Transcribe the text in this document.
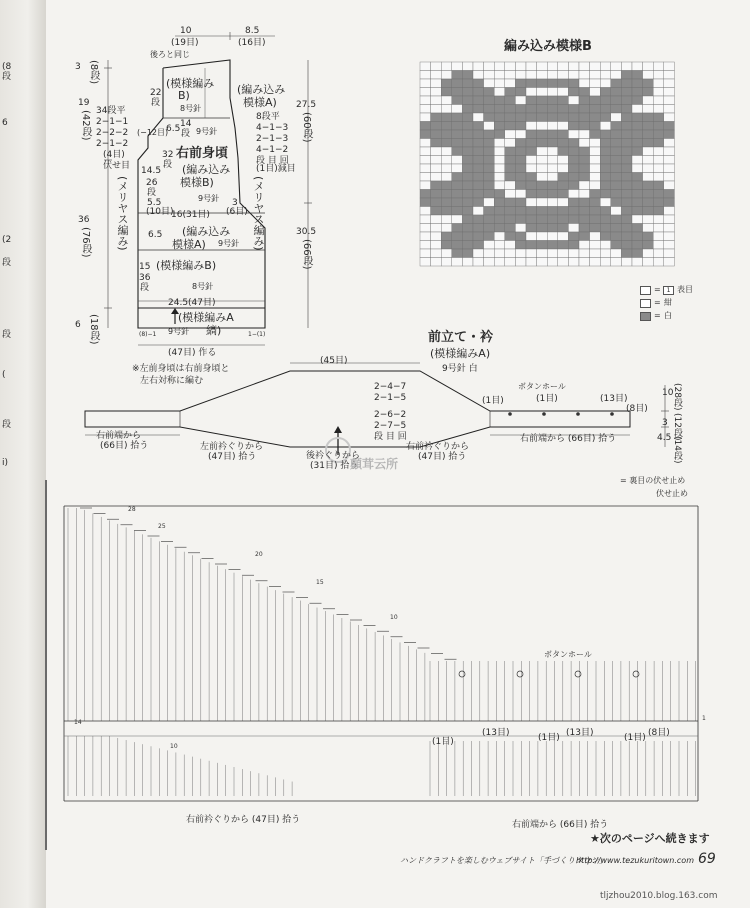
(8
段
6
(2
段
段
(
段
i)
10
(19目)
8.5
(16目)
後ろと同じ
3 (8段)
19
(42段)
36
(76段)
6 (18段)
34段平
2−1−1
2−2−2
2−1−2
(4目)
伏せ目
(−12目)
(模様編み
B)	(編み込み
模様A)
22
段
8号針
14
段
6.5 9号針
右前身頃
(編み込み
模様B)
32
段
14.5
26
段
5.5
(10目)
3
(6目)
9号針
16(31目)
8段平
4−1−3
2−1−3
4−1−2
段 目 回
(1目)減目
27.5
(60段)
30.5
(66段)
(メリヤス編み)	(メリヤス編み)
(編み込み
模様A)
6.5
9号針
(模様編みB)
15
36
段	8号針
24.5(47目)
(模様編みA
9号針 縞)
(8)−1	1−(1)
(47目) 作る
※左前身頃は右前身頃と
左右対称に編む
編み込み模様B
= 1 表目
= 紺
= 白
前立て・衿
(模様編みA)
9号針 白
(45目)
2−4−7
2−1−5
2−6−2
2−7−5
段 目 回
ボタンホール
(1目)	(1目)	(13目)
(8目)
右前端から
(66目) 拾う	左前衿ぐりから
(47目) 拾う	後衿ぐりから
(31目) 拾う
右前衿ぐりから
(47目) 拾う
右前端から (66目) 拾う
10
(28段)
3
4.5 (12段)
(14段)
顛茸云所
= 裏目の伏せ止め
伏せ止め
28
25
20
15
10
1
14
10
ボタンホール
(1目)
(13目)	(1目) (13目)	(1目) (8目)
右前衿ぐりから (47目) 拾う	右前端から (66目) 拾う
★次のページへ続きます
ハンドクラフトを楽しむウェブサイト「手づくりタウン」
http://www.tezukuritown.com 69
tljzhou2010.blog.163.com
